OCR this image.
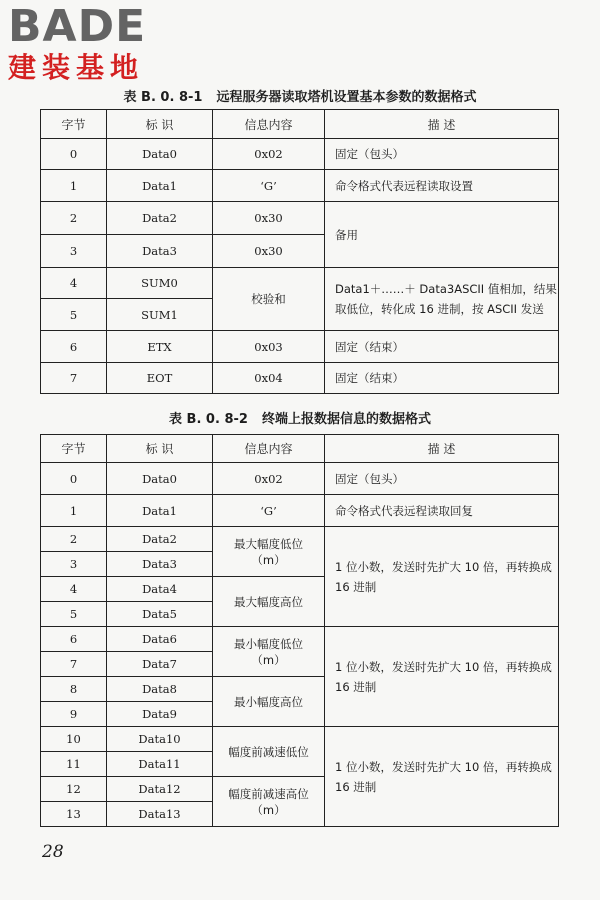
BADE
建装基地
表 B. 0. 8-1 远程服务器读取塔机设置基本参数的数据格式
字节	标 识	信息内容	描 述
0	Data0	0x02	固定（包头）
1	Data1	‘G’	命令格式代表远程读取设置
2	Data2	0x30	备用
3	Data3	0x30	
4	SUM0	校验和	Data1＋……＋ Data3ASCII 值相加，结果取低位，转化成 16 进制，按 ASCII 发送
5	SUM1		
6	ETX	0x03	固定（结束）
7	EOT	0x04	固定（结束）
表 B. 0. 8-2 终端上报数据信息的数据格式
字节	标 识	信息内容	描 述
0	Data0	0x02	固定（包头）
1	Data1	‘G’	命令格式代表远程读取回复
2	Data2	最大幅度低位（m）	1 位小数，发送时先扩大 10 倍，再转换成 16 进制
3	Data3		
4	Data4	最大幅度高位	
5	Data5		
6	Data6	最小幅度低位（m）	1 位小数，发送时先扩大 10 倍，再转换成 16 进制
7	Data7		
8	Data8	最小幅度高位	
9	Data9		
10	Data10	幅度前减速低位	1 位小数，发送时先扩大 10 倍，再转换成 16 进制
11	Data11		
12	Data12	幅度前减速高位（m）	
13	Data13		
28
